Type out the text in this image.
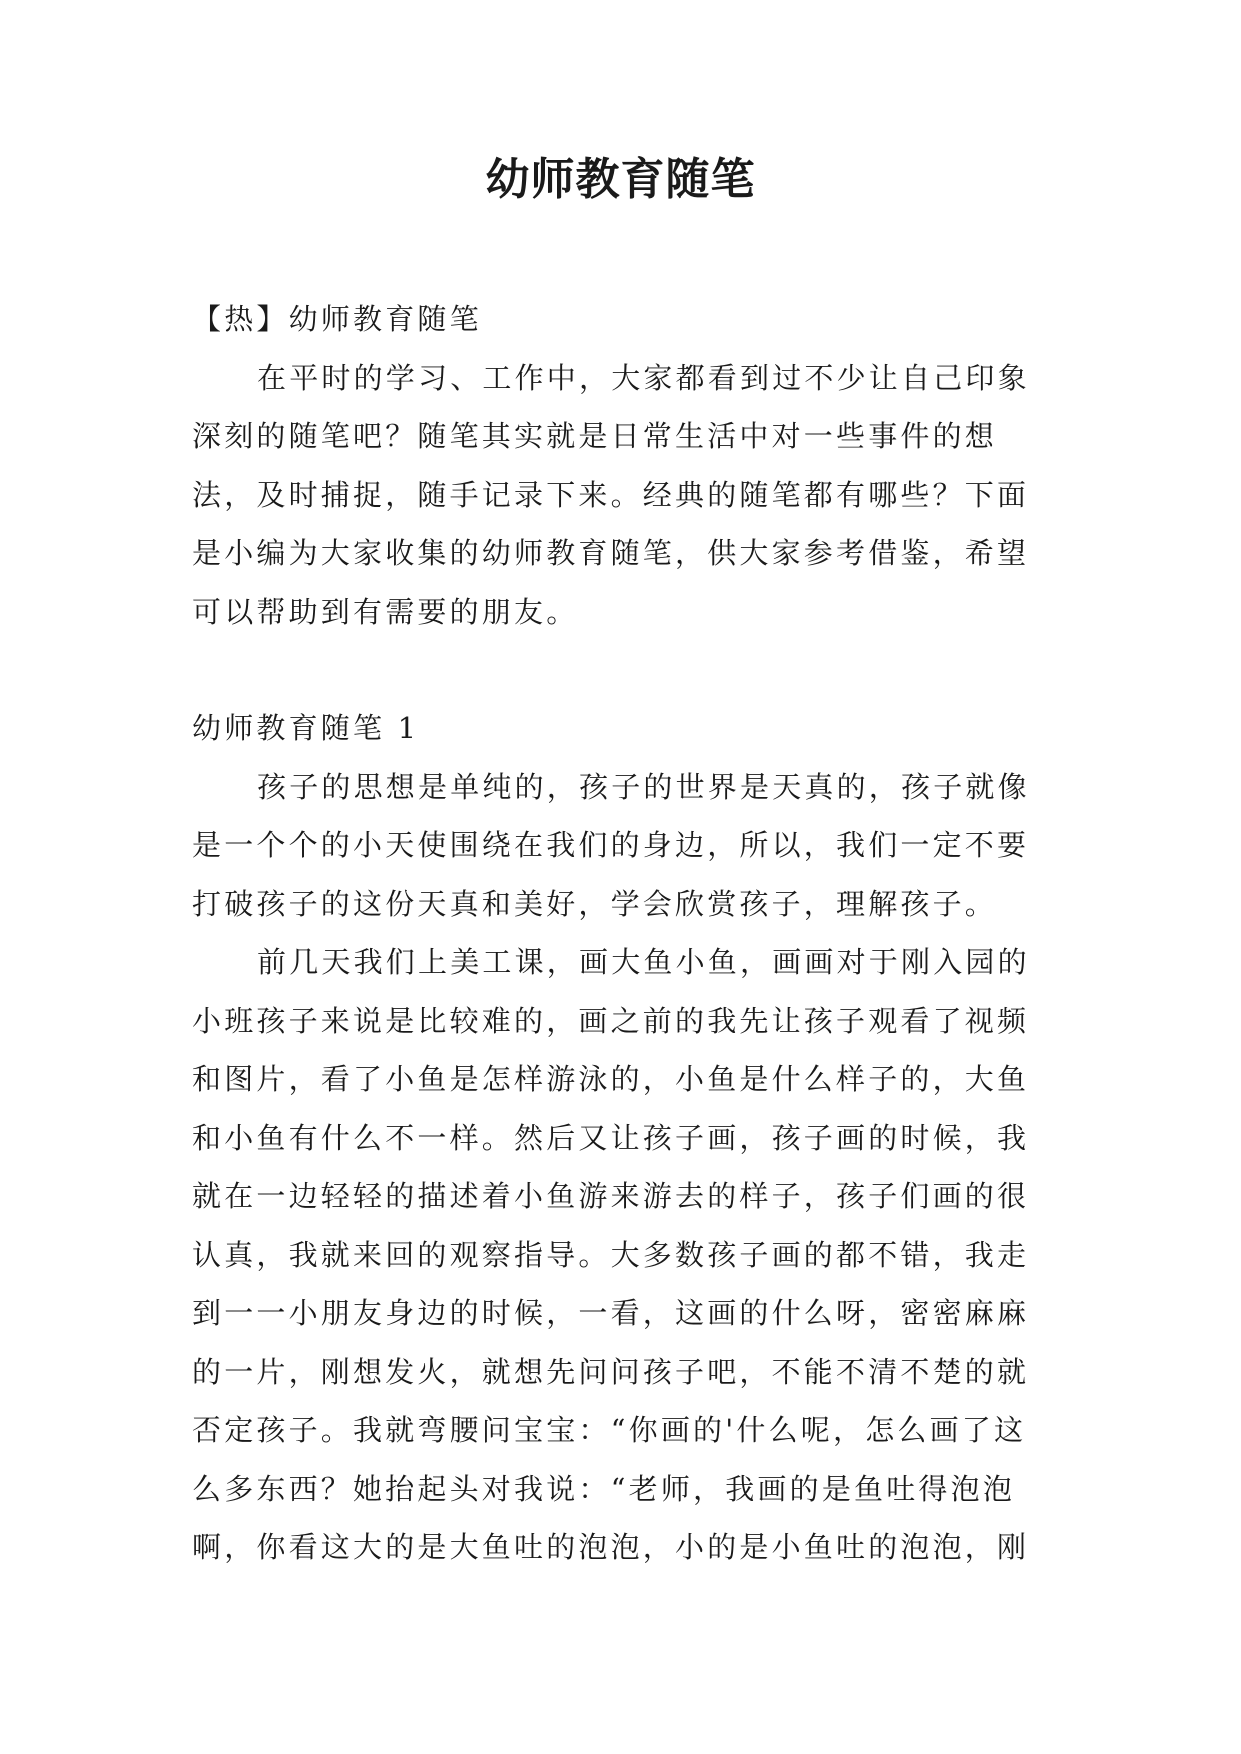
幼师教育随笔

【热】幼师教育随笔

在平时的学习、工作中，大家都看到过不少让自己印象

深刻的随笔吧？随笔其实就是日常生活中对一些事件的想

法，及时捕捉，随手记录下来。经典的随笔都有哪些？下面

是小编为大家收集的幼师教育随笔，供大家参考借鉴，希望

可以帮助到有需要的朋友。

幼师教育随笔 1

孩子的思想是单纯的，孩子的世界是天真的，孩子就像

是一个个的小天使围绕在我们的身边，所以，我们一定不要

打破孩子的这份天真和美好，学会欣赏孩子，理解孩子。

前几天我们上美工课，画大鱼小鱼，画画对于刚入园的

小班孩子来说是比较难的，画之前的我先让孩子观看了视频

和图片，看了小鱼是怎样游泳的，小鱼是什么样子的，大鱼

和小鱼有什么不一样。然后又让孩子画，孩子画的时候，我

就在一边轻轻的描述着小鱼游来游去的样子，孩子们画的很

认真，我就来回的观察指导。大多数孩子画的都不错，我走

到一一小朋友身边的时候，一看，这画的什么呀，密密麻麻

的一片，刚想发火，就想先问问孩子吧，不能不清不楚的就

否定孩子。我就弯腰问宝宝：“你画的'什么呢，怎么画了这

么多东西？她抬起头对我说：“老师，我画的是鱼吐得泡泡

啊，你看这大的是大鱼吐的泡泡，小的是小鱼吐的泡泡，刚
